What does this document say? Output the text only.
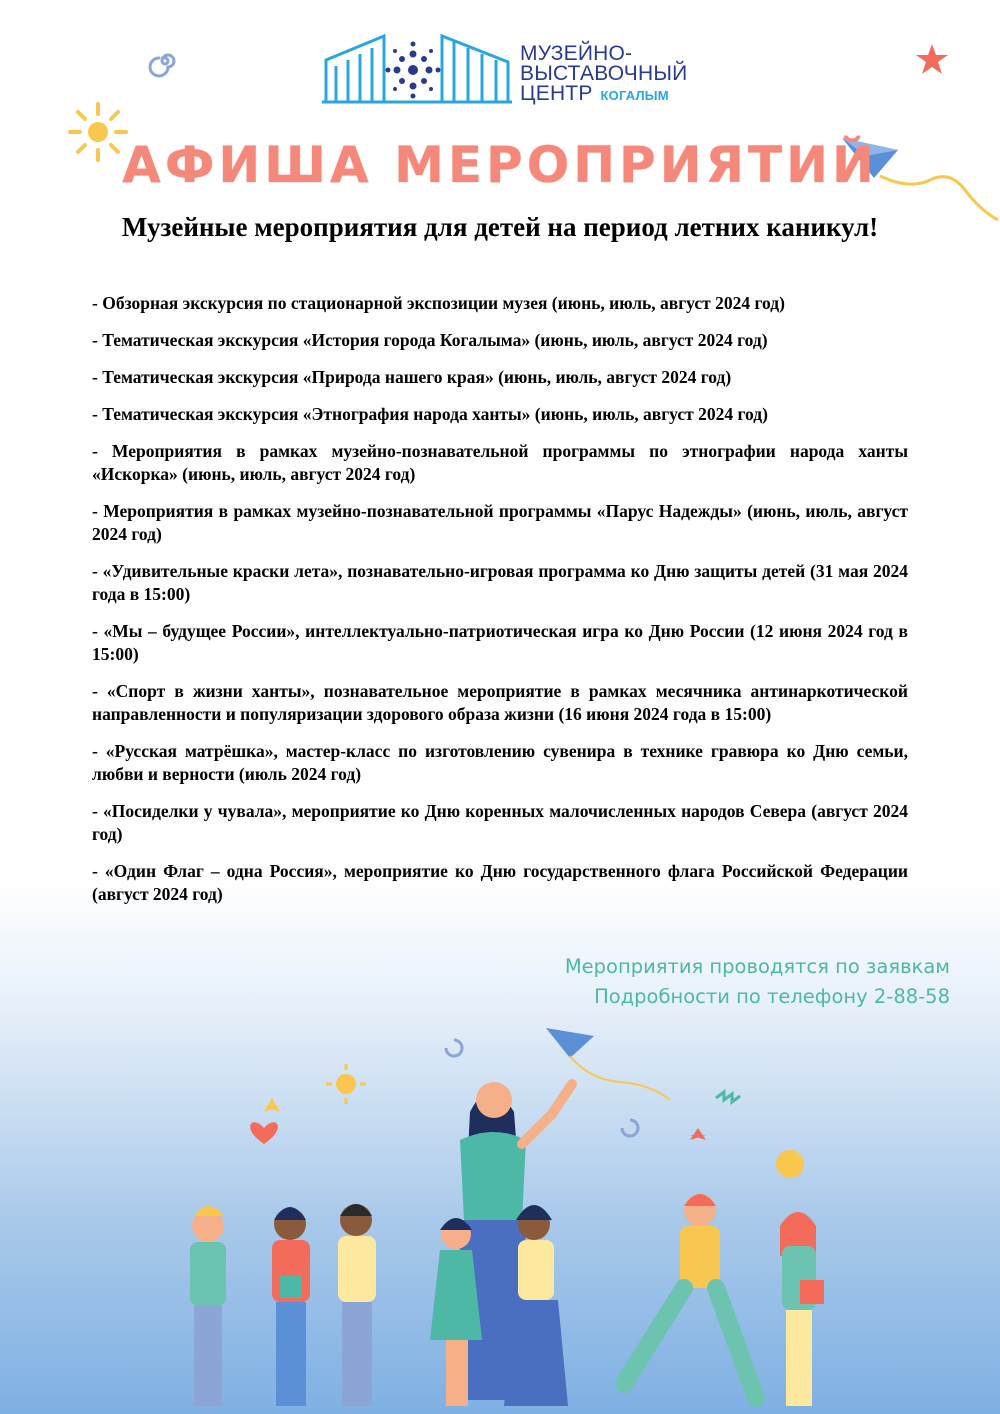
МУЗЕЙНО-
ВЫСТАВОЧНЫЙ
ЦЕНТР КОГАЛЫМ
АФИША МЕРОПРИЯТИЙ
Музейные мероприятия для детей на период летних каникул!
- Обзорная экскурсия по стационарной экспозиции музея (июнь, июль, август 2024 год)
- Тематическая экскурсия «История города Когалыма» (июнь, июль, август 2024 год)
- Тематическая экскурсия «Природа нашего края» (июнь, июль, август 2024 год)
- Тематическая экскурсия «Этнография народа ханты» (июнь, июль, август 2024 год)
- Мероприятия в рамках музейно-познавательной программы по этнографии народа ханты «Искорка» (июнь, июль, август 2024 год)
- Мероприятия в рамках музейно-познавательной программы «Парус Надежды» (июнь, июль, август 2024 год)
- «Удивительные краски лета», познавательно-игровая программа ко Дню защиты детей (31 мая 2024 года в 15:00)
- «Мы – будущее России», интеллектуально-патриотическая игра ко Дню России (12 июня 2024 год в 15:00)
- «Спорт в жизни ханты», познавательное мероприятие в рамках месячника антинаркотической направленности и популяризации здорового образа жизни (16 июня 2024 года в 15:00)
- «Русская матрёшка», мастер-класс по изготовлению сувенира в технике гравюра ко Дню семьи, любви и верности (июль 2024 год)
- «Посиделки у чувала», мероприятие ко Дню коренных малочисленных народов Севера (август 2024 год)
- «Один Флаг – одна Россия», мероприятие ко Дню государственного флага Российской Федерации (август 2024 год)
Мероприятия проводятся по заявкам
Подробности по телефону 2-88-58
